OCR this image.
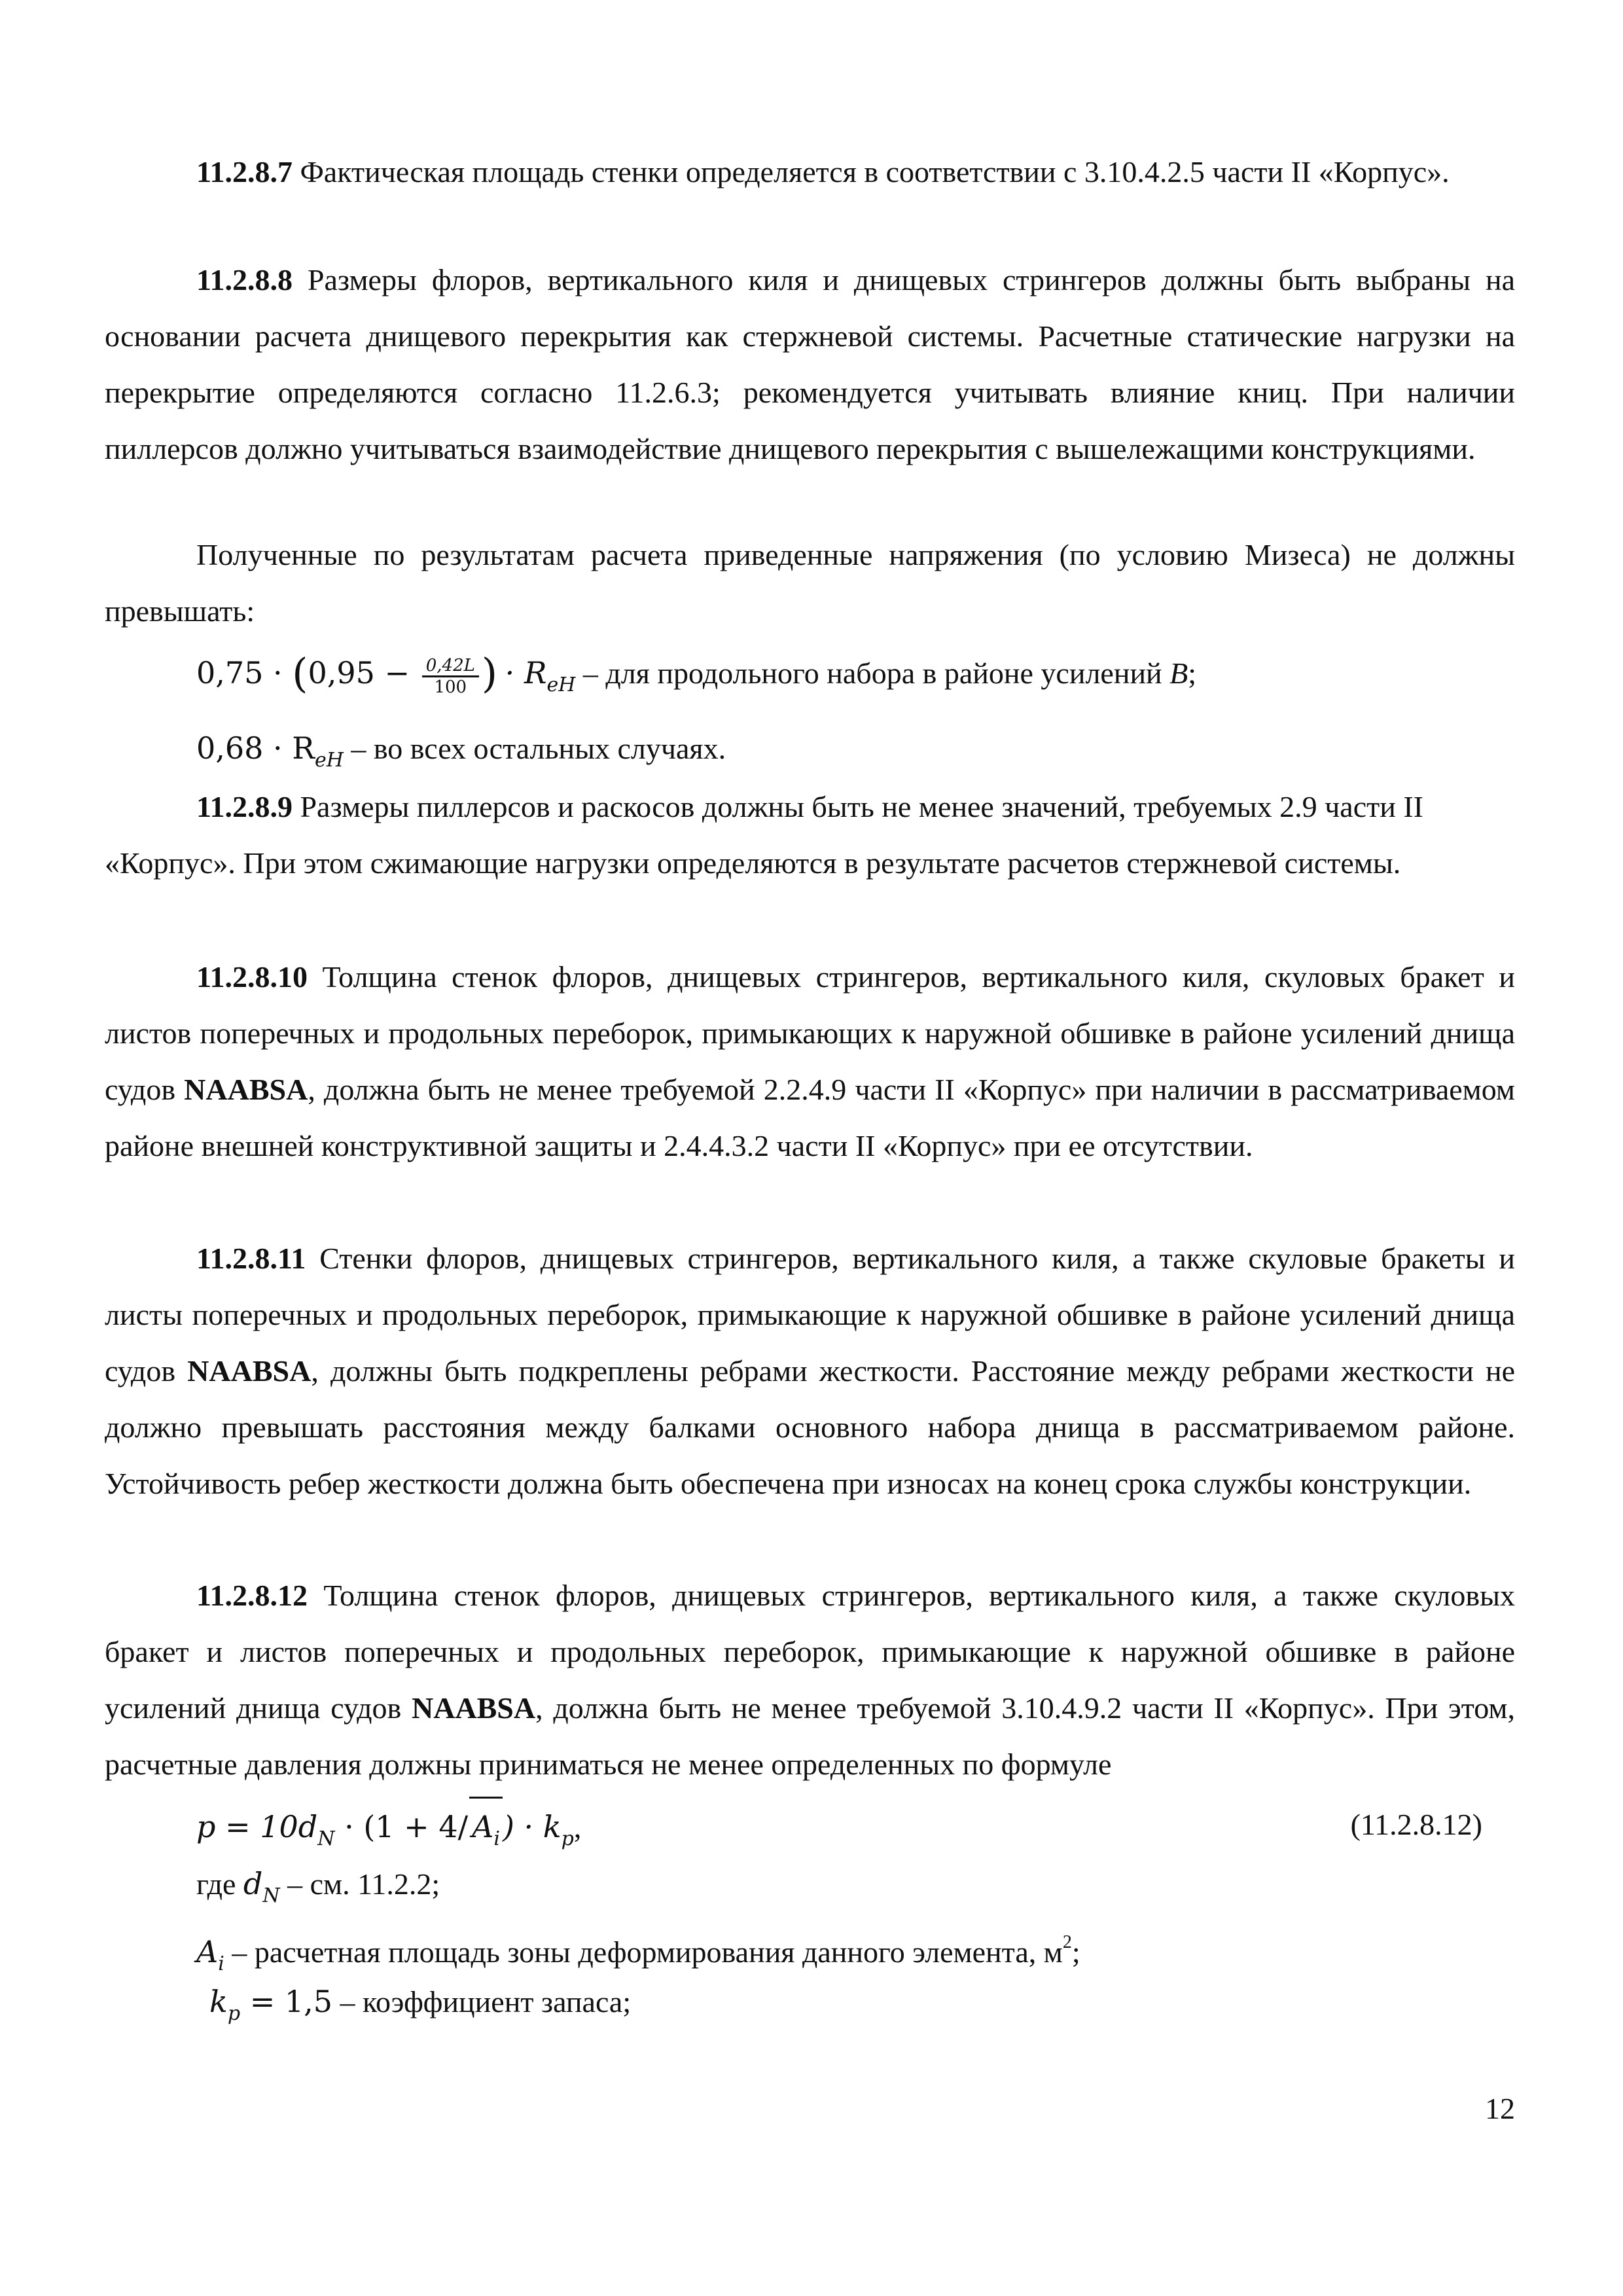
11.2.8.7 Фактическая площадь стенки определяется в соответствии с 3.10.4.2.5 части II «Корпус».

11.2.8.8 Размеры флоров, вертикального киля и днищевых стрингеров должны быть выбраны на основании расчета днищевого перекрытия как стержневой системы. Расчетные статические нагрузки на перекрытие определяются согласно 11.2.6.3; рекомендуется учитывать влияние книц. При наличии пиллерсов должно учитываться взаимодействие днищевого перекрытия с вышележащими конструкциями.

Полученные по результатам расчета приведенные напряжения (по условию Мизеса) не должны превышать:

$0,75 \cdot (0,95 - \frac{0,42L}{100}$ ) · $R_{eH}$ – для продольного набора в районе усилений B;
$0,68 \cdot R_{eH}$ – во всех остальных случаях.

11.2.8.9 Размеры пиллерсов и раскосов должны быть не менее значений, требуемых 2.9 части II «Корпус». При этом сжимающие нагрузки определяются в результате расчетов стержневой системы.

11.2.8.10 Толщина стенок флоров, днищевых стрингеров, вертикального киля, скуловых бракет и листов поперечных и продольных переборок, примыкающих к наружной обшивке в районе усилений днища судов NAABSA, должна быть не менее требуемой 2.2.4.9 части II «Корпус» при наличии в рассматриваемом районе внешней конструктивной защиты и 2.4.4.3.2 части II «Корпус» при ее отсутствии.

11.2.8.11 Стенки флоров, днищевых стрингеров, вертикального киля, а также скуловые бракеты и листы поперечных и продольных переборок, примыкающие к наружной обшивке в районе усилений днища судов NAABSA, должны быть подкреплены ребрами жесткости. Расстояние между ребрами жесткости не должно превышать расстояния между балками основного набора днища в рассматриваемом районе. Устойчивость ребер жесткости должна быть обеспечена при износах на конец срока службы конструкции.

11.2.8.12 Толщина стенок флоров, днищевых стрингеров, вертикального киля, а также скуловых бракет и листов поперечных и продольных переборок, примыкающие к наружной обшивке в районе усилений днища судов NAABSA, должна быть не менее требуемой 3.10.4.9.2 части II «Корпус». При этом, расчетные давления должны приниматься не менее определенных по формуле

$p = 10d_N \cdot (1 + 4/$ $A_i) \cdot k_p$,	(11.2.8.12)
где $d_N$ – см. 11.2.2;
$A_i$ – расчетная площадь зоны деформирования данного элемента, $м^2$;
$k_p = 1,5$ – коэффициент запаса;
12
